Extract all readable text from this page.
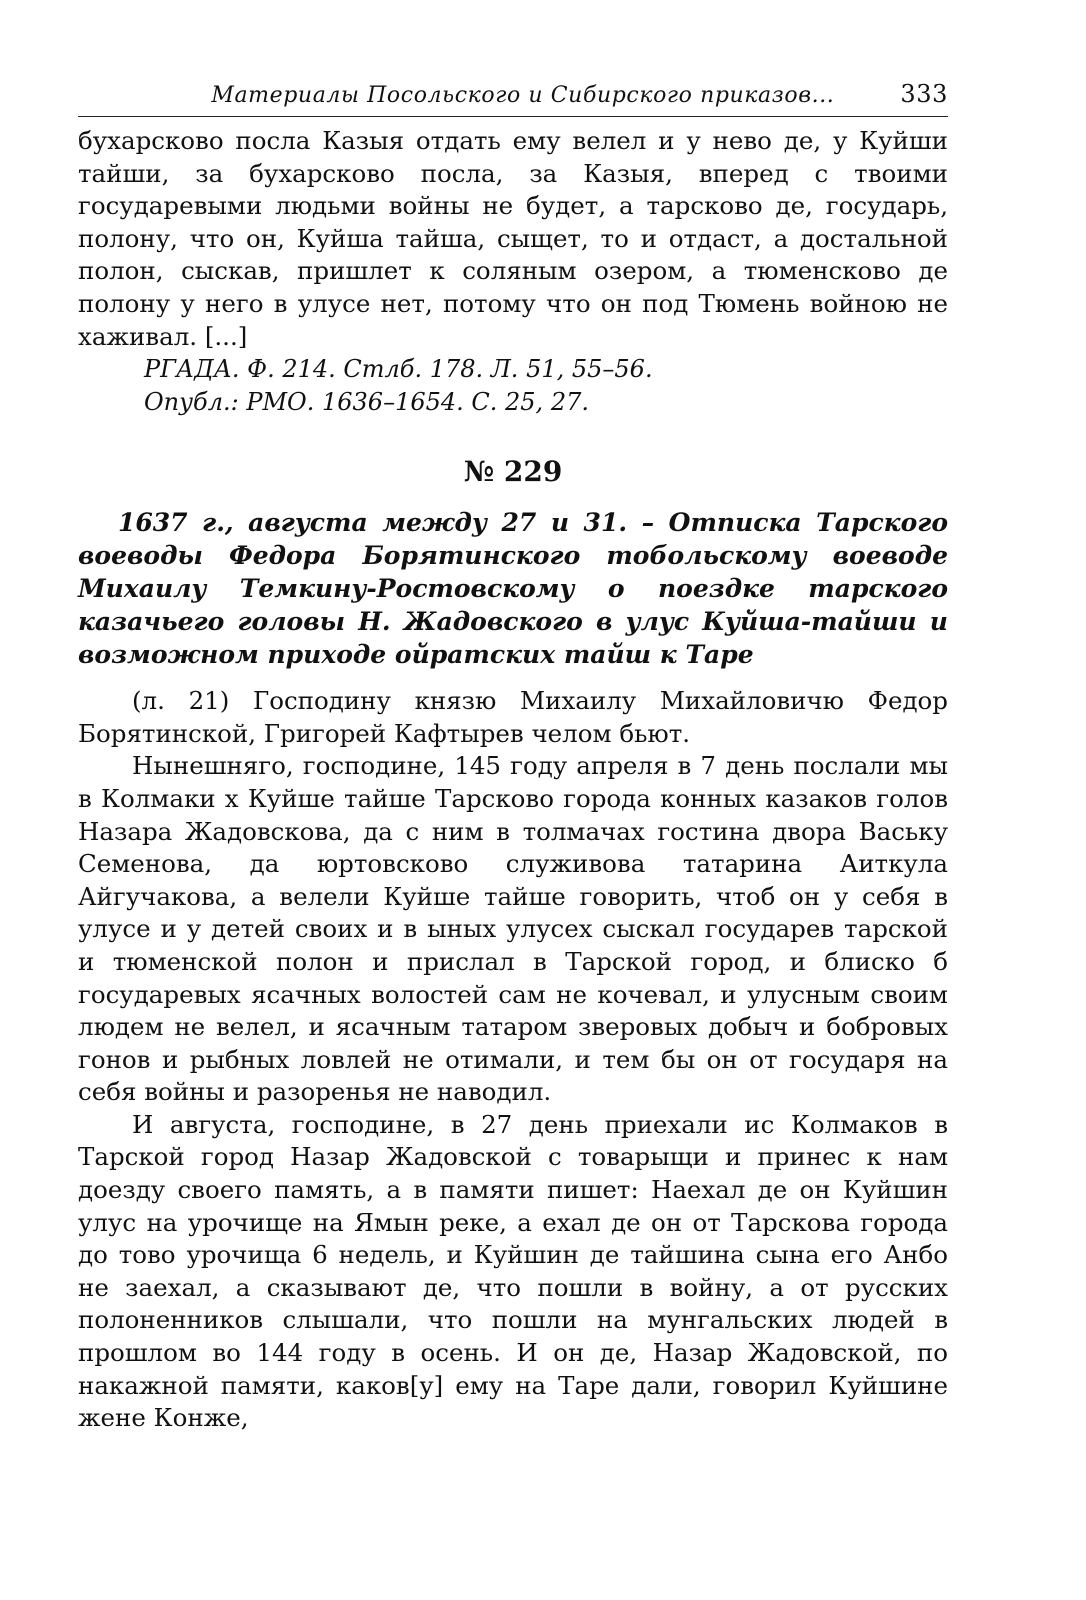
Материалы Посольского и Сибирского приказов...	333

бухарсково посла Казыя отдать ему велел и у нево де, у Куйши тайши, за бухарсково посла, за Казыя, вперед с твоими государевыми людьми войны не будет, а тарсково де, государь, полону, что он, Куйша тайша, сыщет, то и отдаст, а достальной полон, сыскав, пришлет к соляным озером, а тюменсково де полону у него в улусе нет, потому что он под Тюмень войною не хаживал. [...]

РГАДА. Ф. 214. Стлб. 178. Л. 51, 55–56.
Опубл.: РМО. 1636–1654. С. 25, 27.
№ 229

1637 г., августа между 27 и 31. – Отписка Тарского воеводы Федора Борятинского тобольскому воеводе Михаилу Темкину-Ростовскому о поездке тарского казачьего головы Н. Жадовского в улус Куйша-тайши и возможном приходе ойратских тайш к Таре

(л. 21) Господину князю Михаилу Михайловичю Федор Борятинской, Григорей Кафтырев челом бьют.

Нынешняго, господине, 145 году апреля в 7 день послали мы в Колмаки х Куйше тайше Тарсково города конных казаков голов Назара Жадовскова, да с ним в толмачах гостина двора Ваську Семенова, да юртовсково служивова татарина Аиткула Айгучакова, а велели Куйше тайше говорить, чтоб он у себя в улусе и у детей своих и в ыных улусех сыскал государев тарской и тюменской полон и прислал в Тарской город, и блиско б государевых ясачных волостей сам не кочевал, и улусным своим людем не велел, и ясачным татаром зверовых добыч и бобровых гонов и рыбных ловлей не отимали, и тем бы он от государя на себя войны и разоренья не наводил.

И августа, господине, в 27 день приехали ис Колмаков в Тарской город Назар Жадовской с товарыщи и принес к нам доезду своего память, а в памяти пишет: Наехал де он Куйшин улус на урочище на Ямын реке, а ехал де он от Тарскова города до тово урочища 6 недель, и Куйшин де тайшина сына его Анбо не заехал, а сказывают де, что пошли в войну, а от русских полоненников слышали, что пошли на мунгальских людей в прошлом во 144 году в осень. И он де, Назар Жадовской, по накажной памяти, каков[у] ему на Таре дали, говорил Куйшине жене Конже,
